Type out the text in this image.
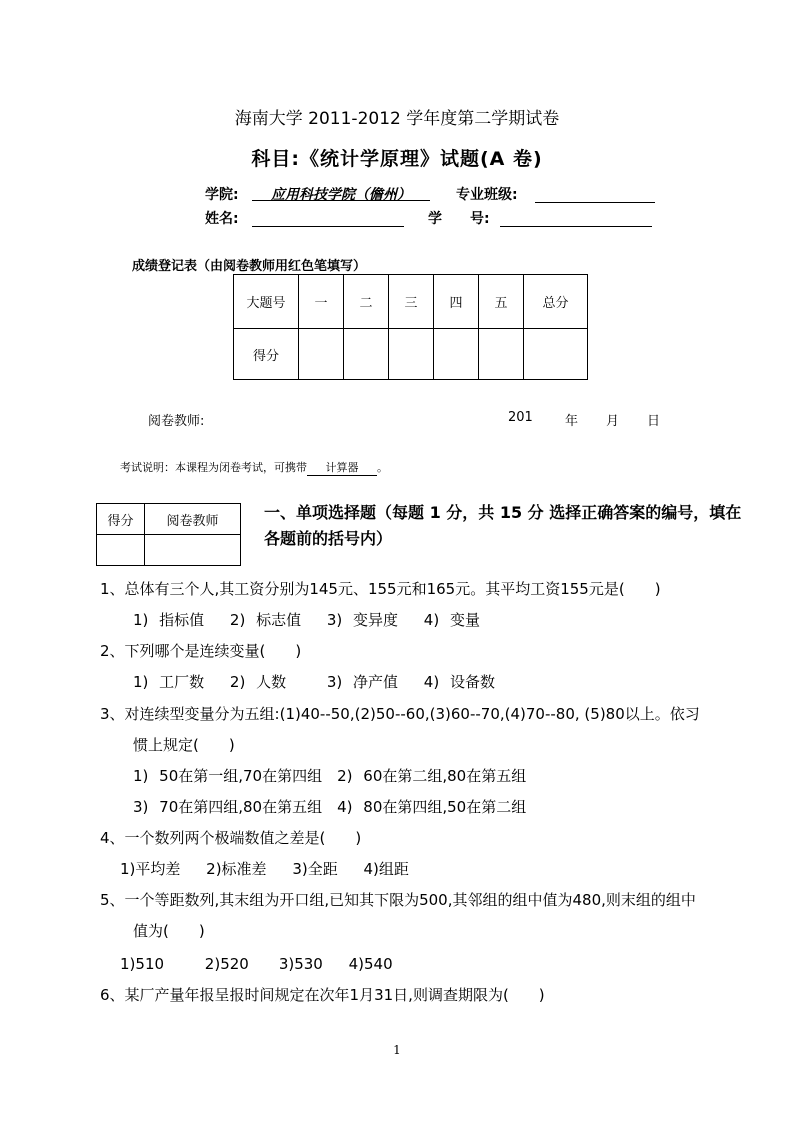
海南大学 2011-2012 学年度第二学期试卷
科目:《统计学原理》试题(A 卷)
学院:	应用科技学院（儋州）	专业班级:
姓名:	学　　号:
成绩登记表（由阅卷教师用红色笔填写）
大题号	一	二	三	四	五	总分
得分						
阅卷教师:	201 年 月 日
考试说明：本课程为闭卷考试，可携带 计算器 。
得分	阅卷教师
		一、单项选择题（每题 1 分，共 15 分 选择正确答案的编号，填在各题前的括号内）
1、总体有三个人,其工资分别为145元、155元和165元。其平均工资155元是(　　)
1) 指标值　 2) 标志值　 3) 变异度　 4) 变量
2、下列哪个是连续变量(　　)
1) 工厂数　 2) 人数　　 3) 净产值　 4) 设备数
3、对连续型变量分为五组:(1)40--50,(2)50--60,(3)60--70,(4)70--80, (5)80以上。依习
惯上规定(　　)
1) 50在第一组,70在第四组　2) 60在第二组,80在第五组
3) 70在第四组,80在第五组　4) 80在第四组,50在第二组
4、一个数列两个极端数值之差是(　　)
1)平均差　 2)标准差　 3)全距　 4)组距
5、一个等距数列,其末组为开口组,已知其下限为500,其邻组的组中值为480,则末组的组中
值为(　　)
1)510　　 2)520　　3)530　 4)540
6、某厂产量年报呈报时间规定在次年1月31日,则调查期限为(　　)
1
